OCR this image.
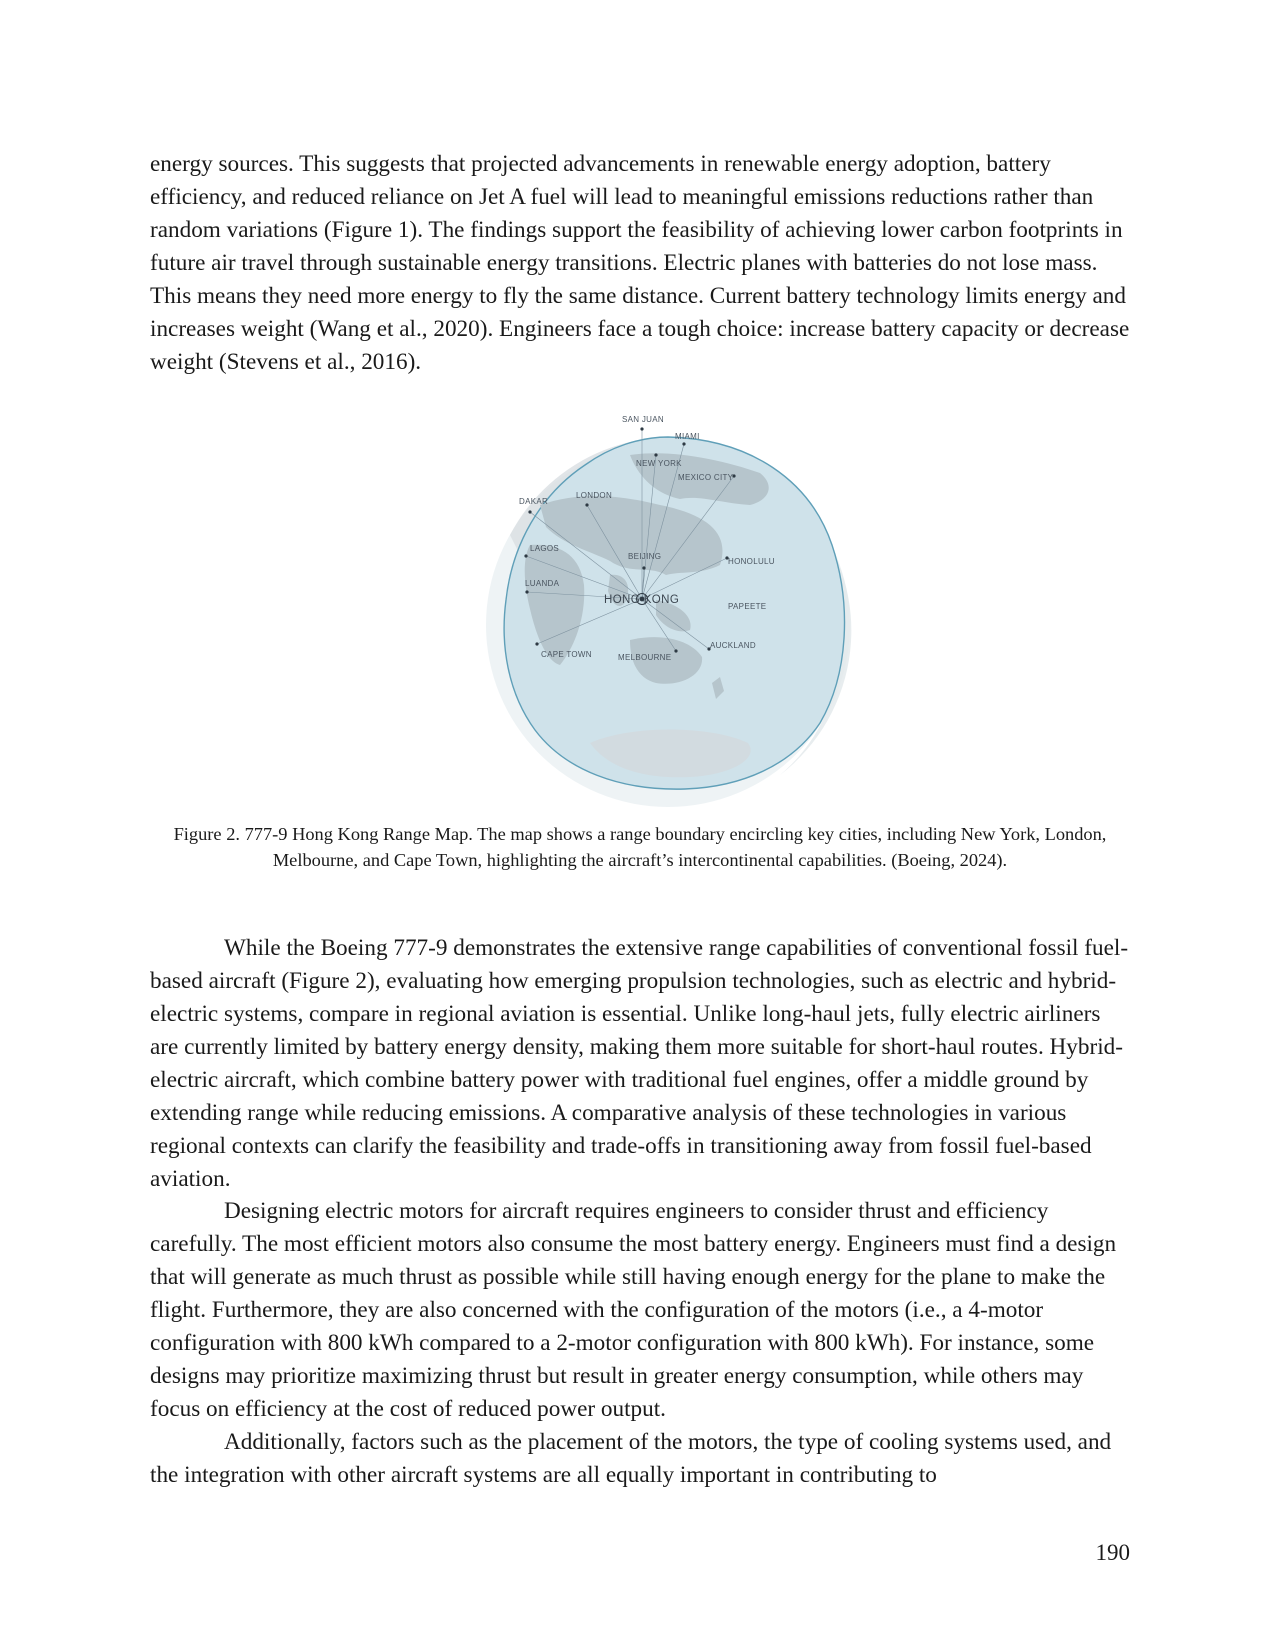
energy sources. This suggests that projected advancements in renewable energy adoption, battery efficiency, and reduced reliance on Jet A fuel will lead to meaningful emissions reductions rather than random variations (Figure 1). The findings support the feasibility of achieving lower carbon footprints in future air travel through sustainable energy transitions. Electric planes with batteries do not lose mass. This means they need more energy to fly the same distance. Current battery technology limits energy and increases weight (Wang et al., 2020). Engineers face a tough choice: increase battery capacity or decrease weight (Stevens et al., 2016).

SAN JUAN
MIAMI
NEW YORK
MEXICO CITY
DAKAR
LONDON
LAGOS
BEIJING
HONOLULU
LUANDA
HONG KONG
PAPEETE
AUCKLAND
CAPE TOWN	MELBOURNE

Figure 2. 777-9 Hong Kong Range Map. The map shows a range boundary encircling key cities, including New York, London, Melbourne, and Cape Town, highlighting the aircraft’s intercontinental capabilities. (Boeing, 2024).

While the Boeing 777-9 demonstrates the extensive range capabilities of conventional fossil fuel-based aircraft (Figure 2), evaluating how emerging propulsion technologies, such as electric and hybrid-electric systems, compare in regional aviation is essential. Unlike long-haul jets, fully electric airliners are currently limited by battery energy density, making them more suitable for short-haul routes. Hybrid-electric aircraft, which combine battery power with traditional fuel engines, offer a middle ground by extending range while reducing emissions. A comparative analysis of these technologies in various regional contexts can clarify the feasibility and trade-offs in transitioning away from fossil fuel-based aviation.

Designing electric motors for aircraft requires engineers to consider thrust and efficiency carefully. The most efficient motors also consume the most battery energy. Engineers must find a design that will generate as much thrust as possible while still having enough energy for the plane to make the flight. Furthermore, they are also concerned with the configuration of the motors (i.e., a 4-motor configuration with 800 kWh compared to a 2-motor configuration with 800 kWh). For instance, some designs may prioritize maximizing thrust but result in greater energy consumption, while others may focus on efficiency at the cost of reduced power output.

Additionally, factors such as the placement of the motors, the type of cooling systems used, and the integration with other aircraft systems are all equally important in contributing to

190
